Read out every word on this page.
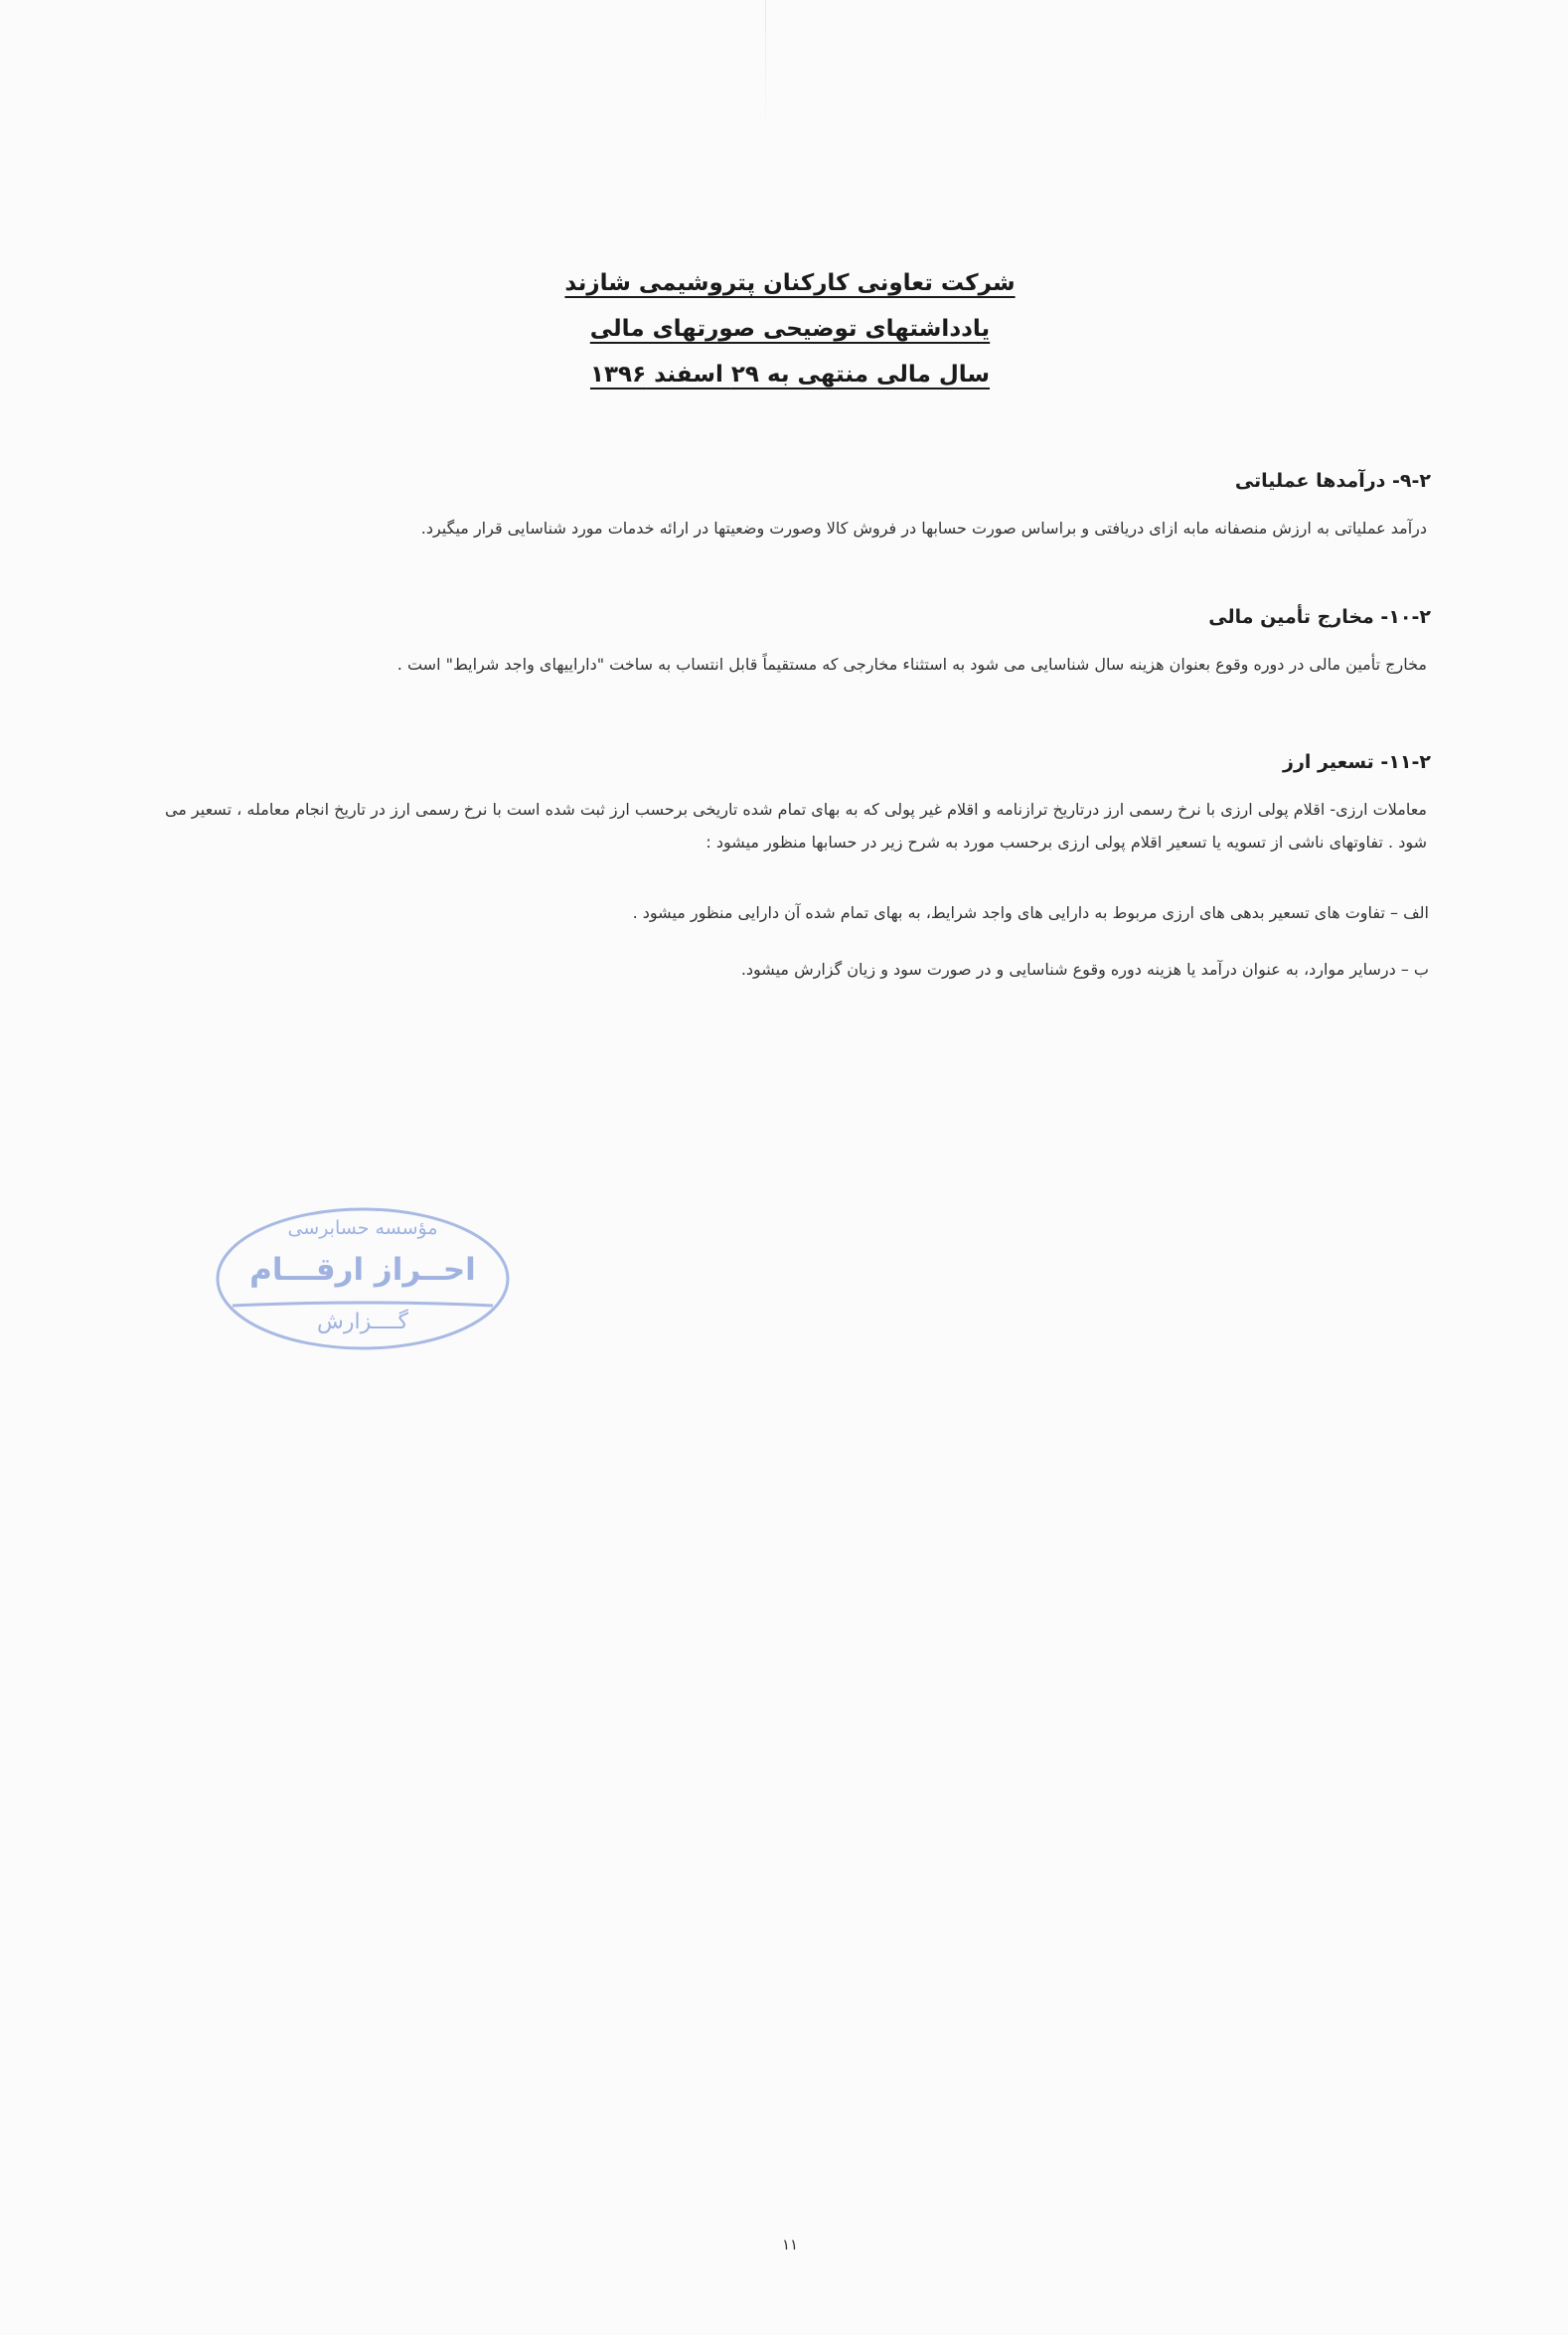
شرکت تعاونی کارکنان پتروشیمی شازند
یادداشتهای توضیحی صورتهای مالی
سال مالی منتهی به ۲۹ اسفند ۱۳۹۶

۹-۲- درآمدها عملیاتی

درآمد عملیاتی به ارزش منصفانه مابه ازای دریافتی و براساس صورت حسابها در فروش کالا وصورت وضعیتها در ارائه خدمات مورد شناسایی قرار میگیرد.

۱۰-۲- مخارج تأمین مالی

مخارج تأمین مالی در دوره وقوع بعنوان هزینه سال شناسایی می شود به استثناء مخارجی که مستقیماً قابل انتساب به ساخت "داراییهای واجد شرایط" است .

۱۱-۲- تسعیر ارز

معاملات ارزی- اقلام پولی ارزی با نرخ رسمی ارز درتاریخ ترازنامه و اقلام غیر پولی که به بهای تمام شده تاریخی برحسب ارز ثبت شده است با نرخ رسمی ارز در تاریخ انجام معامله ، تسعیر می شود . تفاوتهای ناشی از تسویه یا تسعیر اقلام پولی ارزی برحسب مورد به شرح زیر در حسابها منظور میشود :

الف – تفاوت های تسعیر بدهی های ارزی مربوط به دارایی های واجد شرایط، به بهای تمام شده آن دارایی منظور میشود .
ب – درسایر موارد، به عنوان درآمد یا هزینه دوره وقوع شناسایی و در صورت سود و زیان گزارش میشود.
مؤسسه حسابرسی
احــراز ارقـــام
گــــزارش
۱۱
